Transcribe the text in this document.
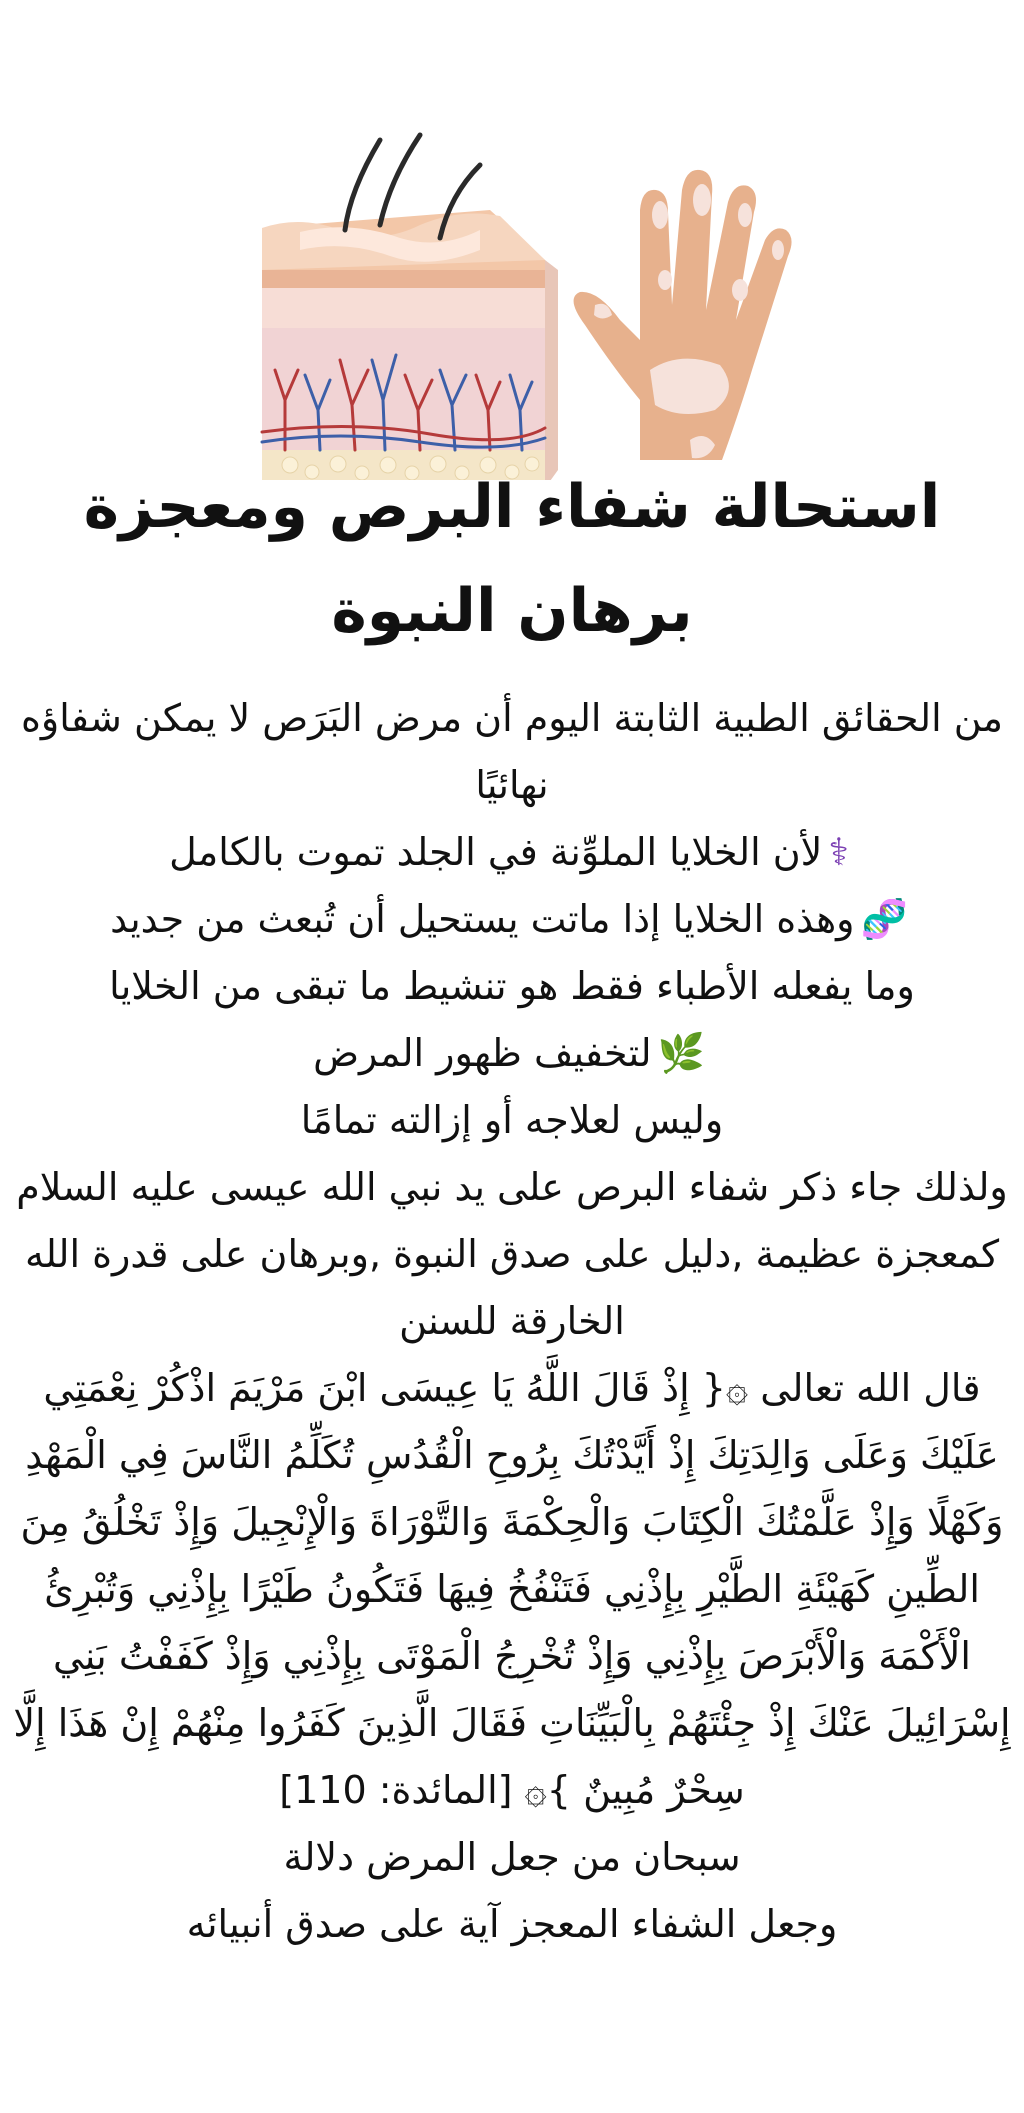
استحالة شفاء البرص ومعجزة
برهان النبوة

من الحقائق الطبية الثابتة اليوم أن مرض البَرَص لا يمكن شفاؤه نهائيًا

⚕لأن الخلايا الملوِّنة في الجلد تموت بالكامل

🧬وهذه الخلايا إذا ماتت يستحيل أن تُبعث من جديد

وما يفعله الأطباء فقط هو تنشيط ما تبقى من الخلايا

🌿لتخفيف ظهور المرض

وليس لعلاجه أو إزالته تمامًا

ولذلك جاء ذكر شفاء البرص على يد نبي الله عيسى عليه السلام كمعجزة عظيمة ,دليل على صدق النبوة ,وبرهان على قدرة الله الخارقة للسنن

قال الله تعالى ۞{ إِذْ قَالَ اللَّهُ يَا عِيسَى ابْنَ مَرْيَمَ اذْكُرْ نِعْمَتِي عَلَيْكَ وَعَلَى وَالِدَتِكَ إِذْ أَيَّدْتُكَ بِرُوحِ الْقُدُسِ تُكَلِّمُ النَّاسَ فِي الْمَهْدِ وَكَهْلًا وَإِذْ عَلَّمْتُكَ الْكِتَابَ وَالْحِكْمَةَ وَالتَّوْرَاةَ وَالْإِنْجِيلَ وَإِذْ تَخْلُقُ مِنَ الطِّينِ كَهَيْئَةِ الطَّيْرِ بِإِذْنِي فَتَنْفُخُ فِيهَا فَتَكُونُ طَيْرًا بِإِذْنِي وَتُبْرِئُ الْأَكْمَهَ وَالْأَبْرَصَ بِإِذْنِي وَإِذْ تُخْرِجُ الْمَوْتَى بِإِذْنِي وَإِذْ كَفَفْتُ بَنِي إِسْرَائِيلَ عَنْكَ إِذْ جِئْتَهُمْ بِالْبَيِّنَاتِ فَقَالَ الَّذِينَ كَفَرُوا مِنْهُمْ إِنْ هَذَا إِلَّا سِحْرٌ مُبِينٌ }۞ [المائدة: 110]

سبحان من جعل المرض دلالة

وجعل الشفاء المعجز آية على صدق أنبيائه
